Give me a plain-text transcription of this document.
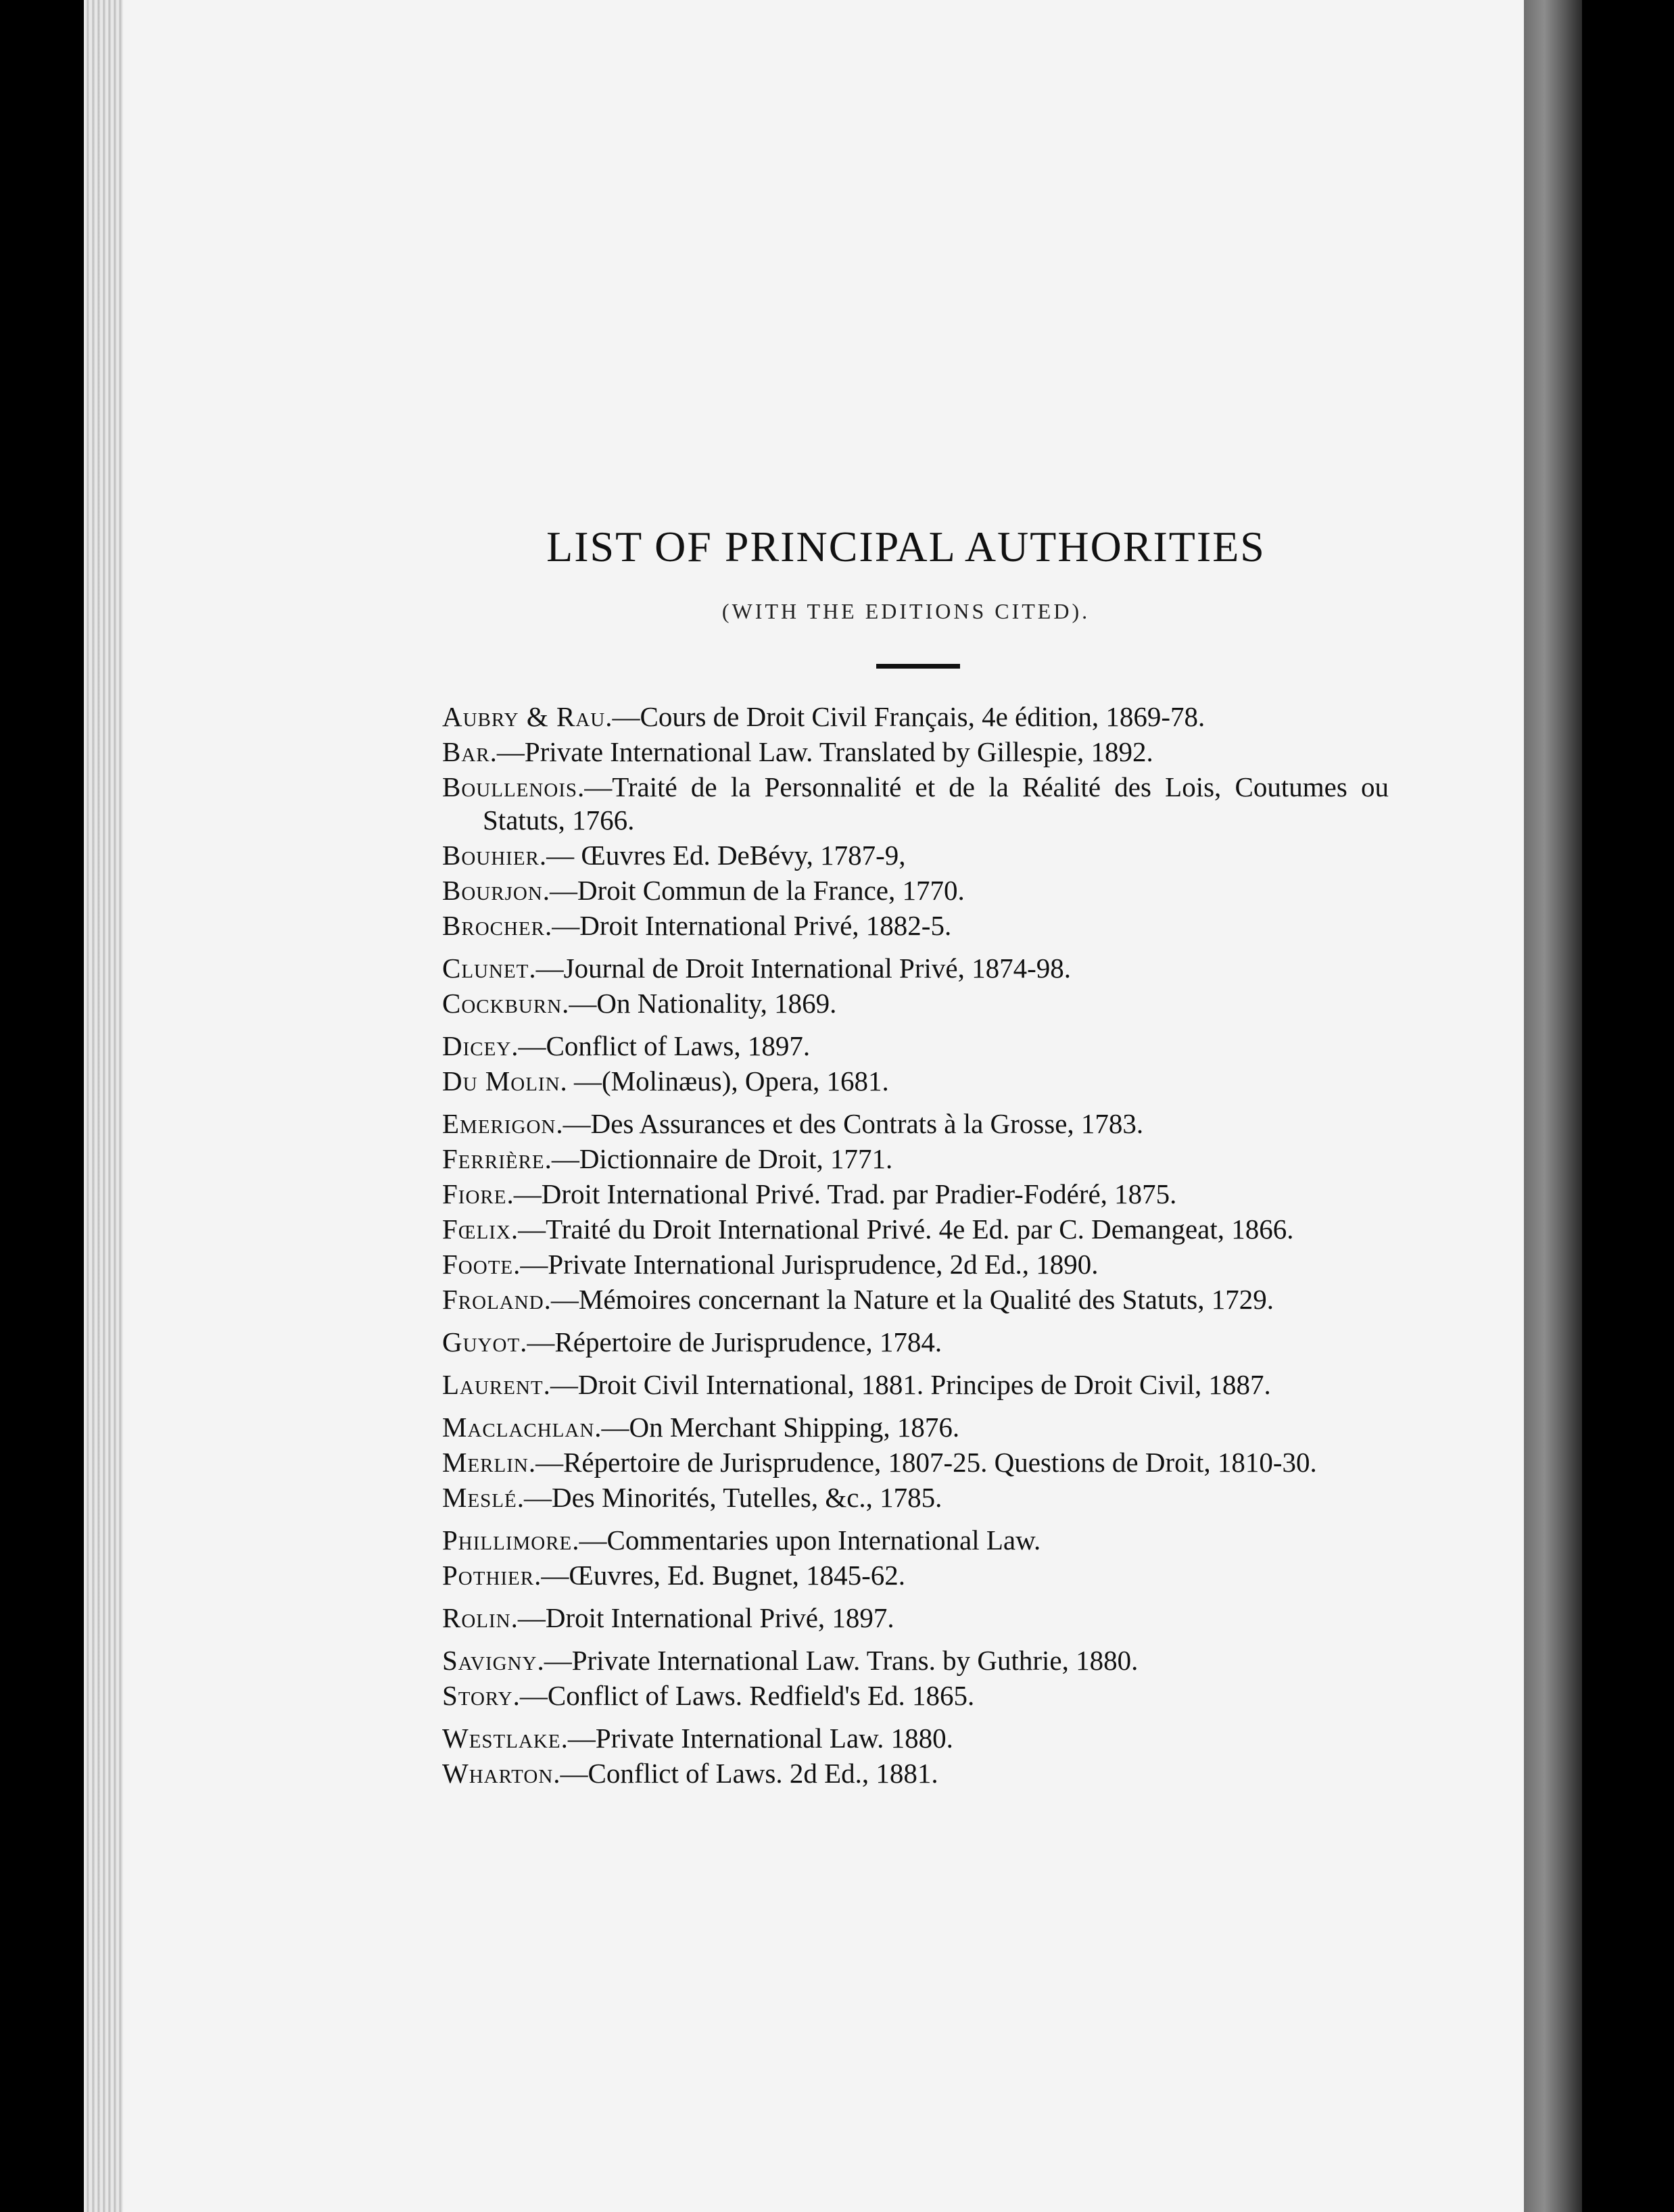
LIST OF PRINCIPAL AUTHORITIES
(WITH THE EDITIONS CITED).
Aubry & Rau.—Cours de Droit Civil Français, 4e édition, 1869-78.
Bar.—Private International Law. Translated by Gillespie, 1892.
Boullenois.—Traité de la Personnalité et de la Réalité des Lois, Coutumes ou Statuts, 1766.
Bouhier.— Œuvres Ed. DeBévy, 1787-9,
Bourjon.—Droit Commun de la France, 1770.
Brocher.—Droit International Privé, 1882-5.
Clunet.—Journal de Droit International Privé, 1874-98.
Cockburn.—On Nationality, 1869.
Dicey.—Conflict of Laws, 1897.
Du Molin. —(Molinæus), Opera, 1681.
Emerigon.—Des Assurances et des Contrats à la Grosse, 1783.
Ferrière.—Dictionnaire de Droit, 1771.
Fiore.—Droit International Privé. Trad. par Pradier-Fodéré, 1875.
Fœlix.—Traité du Droit International Privé. 4e Ed. par C. Demangeat, 1866.
Foote.—Private International Jurisprudence, 2d Ed., 1890.
Froland.—Mémoires concernant la Nature et la Qualité des Statuts, 1729.
Guyot.—Répertoire de Jurisprudence, 1784.
Laurent.—Droit Civil International, 1881. Principes de Droit Civil, 1887.
Maclachlan.—On Merchant Shipping, 1876.
Merlin.—Répertoire de Jurisprudence, 1807-25. Questions de Droit, 1810-30.
Meslé.—Des Minorités, Tutelles, &c., 1785.
Phillimore.—Commentaries upon International Law.
Pothier.—Œuvres, Ed. Bugnet, 1845-62.
Rolin.—Droit International Privé, 1897.
Savigny.—Private International Law. Trans. by Guthrie, 1880.
Story.—Conflict of Laws. Redfield's Ed. 1865.
Westlake.—Private International Law. 1880.
Wharton.—Conflict of Laws. 2d Ed., 1881.
